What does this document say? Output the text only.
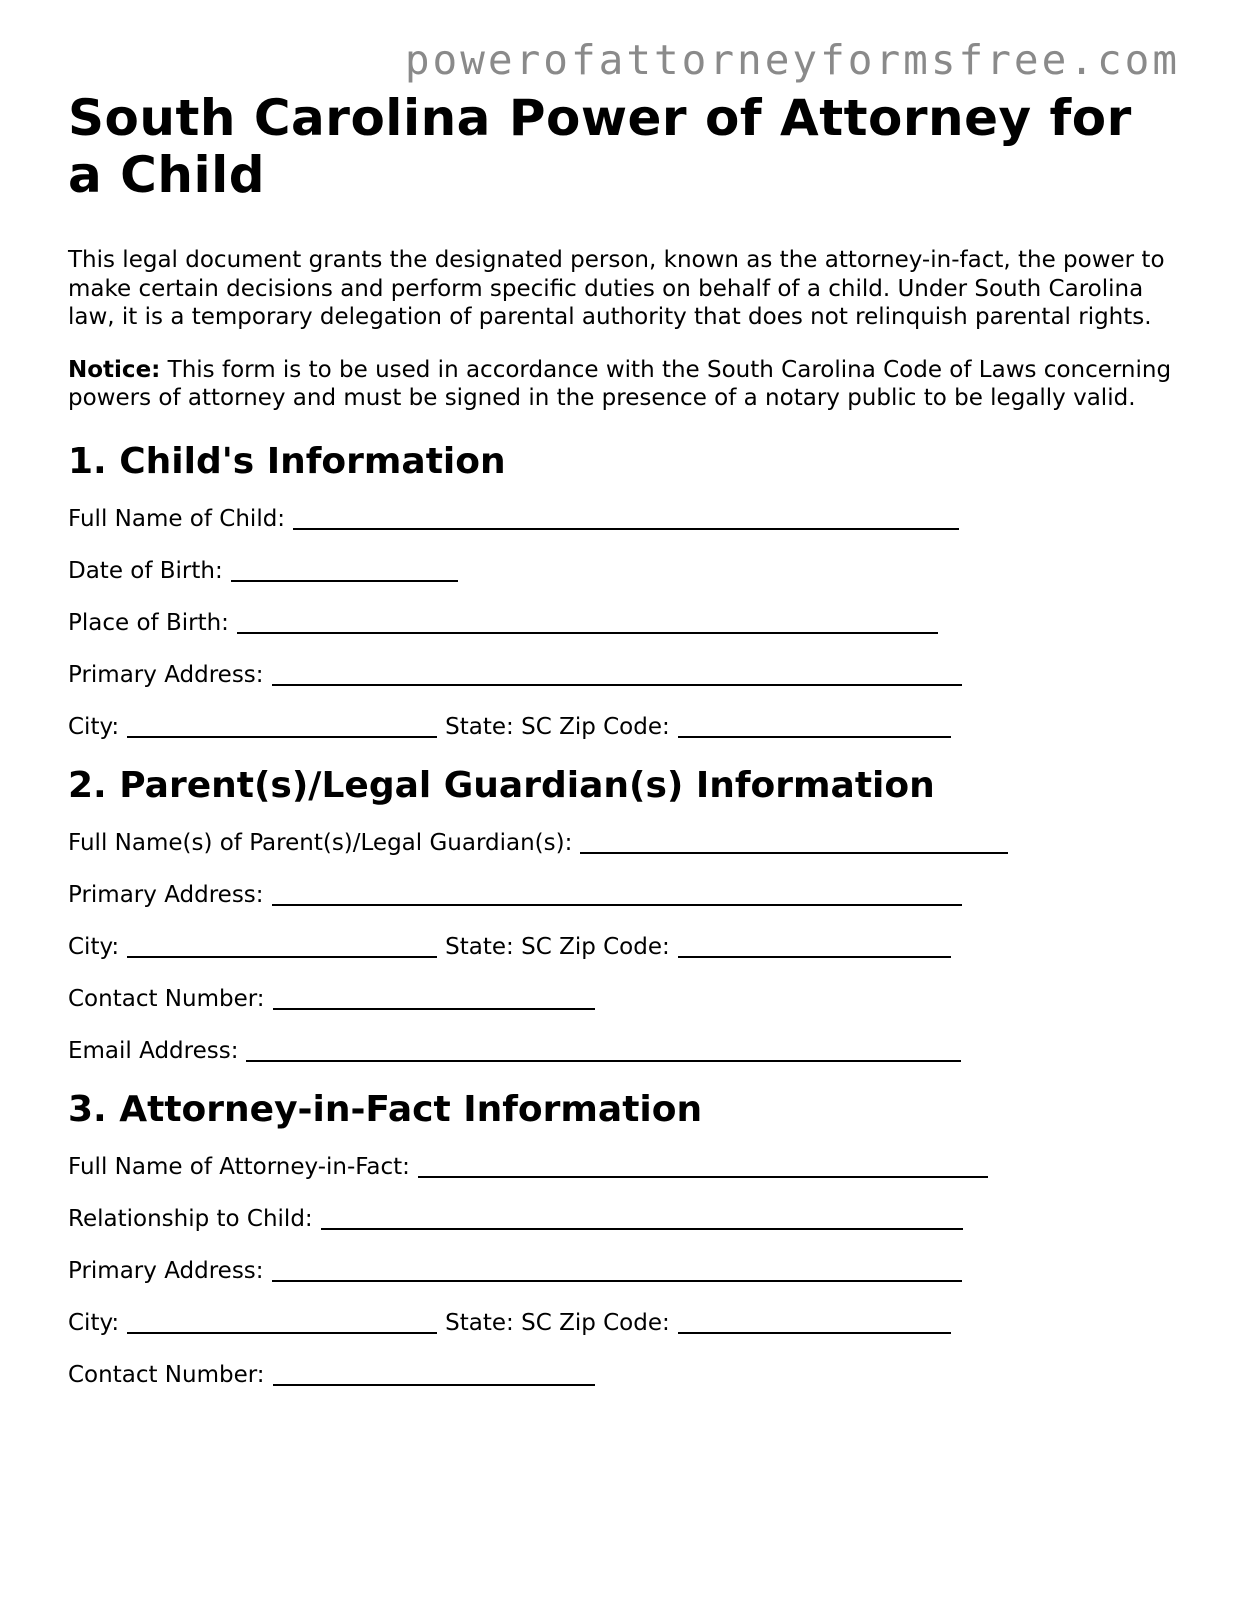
powerofattorneyformsfree.com
South Carolina Power of Attorney for a Child

This legal document grants the designated person, known as the attorney-in-fact, the power to make certain decisions and perform specific duties on behalf of a child. Under South Carolina law, it is a temporary delegation of parental authority that does not relinquish parental rights.

Notice: This form is to be used in accordance with the South Carolina Code of Laws concerning powers of attorney and must be signed in the presence of a notary public to be legally valid.

1. Child's Information
Full Name of Child:
Date of Birth:
Place of Birth:
Primary Address:
City:	State: SC Zip Code:
2. Parent(s)/Legal Guardian(s) Information
Full Name(s) of Parent(s)/Legal Guardian(s):
Primary Address:
City:	State: SC Zip Code:
Contact Number:
Email Address:
3. Attorney-in-Fact Information
Full Name of Attorney-in-Fact:
Relationship to Child:
Primary Address:
City:	State: SC Zip Code:
Contact Number:
